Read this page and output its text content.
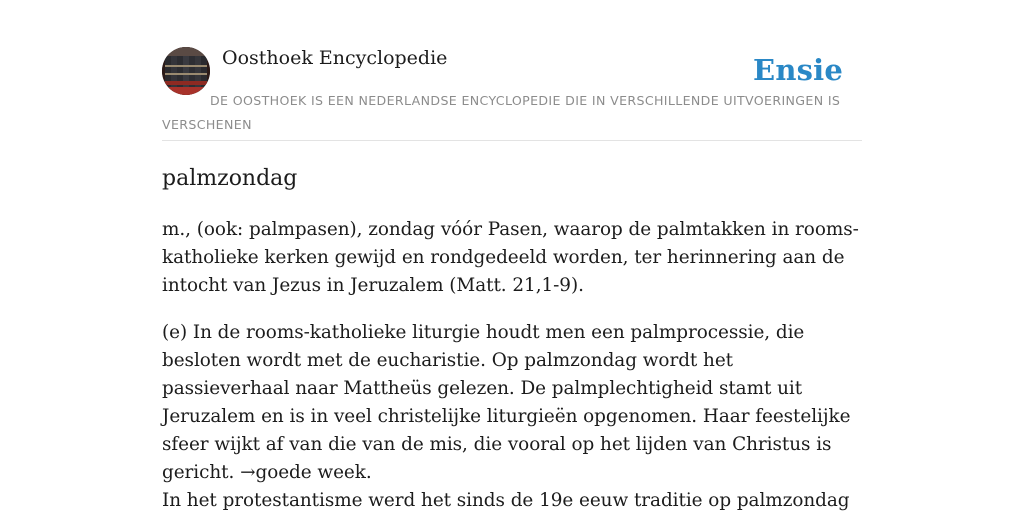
Oosthoek Encyclopedie	Ensie
DE OOSTHOEK IS EEN NEDERLANDSE ENCYCLOPEDIE DIE IN VERSCHILLENDE UITVOERINGEN IS VERSCHENEN
palmzondag

m., (ook: palmpasen), zondag vóór Pasen, waarop de palmtakken in rooms-katholieke kerken gewijd en rondgedeeld worden, ter herinnering aan de intocht van Jezus in Jeruzalem (Matt. 21,1-9).

(e) In de rooms-katholieke liturgie houdt men een palmprocessie, die besloten wordt met de eucharistie. Op palmzondag wordt het passieverhaal naar Mattheüs gelezen. De palmplechtigheid stamt uit Jeruzalem en is in veel christelijke liturgieën opgenomen. Haar feestelijke sfeer wijkt af van die van de mis, die vooral op het lijden van Christus is gericht. →goede week.

In het protestantisme werd het sinds de 19e eeuw traditie op palmzondag
